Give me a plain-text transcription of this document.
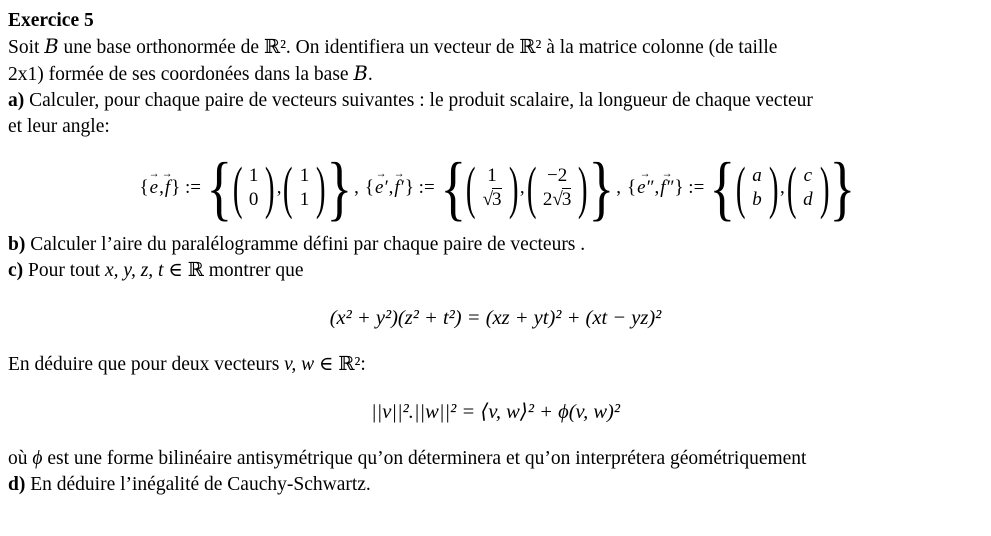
Exercice 5
Soit B une base orthonormée de ℝ². On identifiera un vecteur de ℝ² à la matrice colonne (de taille
2x1) formée de ses coordonées dans la base B.
a) Calculer, pour chaque paire de vecteurs suivantes : le produit scalaire, la longueur de chaque vecteur
et leur angle:
{
→
e,
→
f} := { ( 1
0 ) , ( 1
1 ) } , {
→
e′,
→
f′} := { ( 1
√3 ) , ( −2
2√3 ) } , {
→
e″,
→
f″} := { ( a
b ) , ( c
d ) }
b) Calculer l’aire du paralélogramme défini par chaque paire de vecteurs .
c) Pour tout x, y, z, t ∈ ℝ montrer que
(x² + y²)(z² + t²) = (xz + yt)² + (xt − yz)²
En déduire que pour deux vecteurs v, w ∈ ℝ²:
||v||².||w||² = ⟨v, w⟩² + ϕ(v, w)²
où ϕ est une forme bilinéaire antisymétrique qu’on déterminera et qu’on interprétera géométriquement
d) En déduire l’inégalité de Cauchy-Schwartz.
